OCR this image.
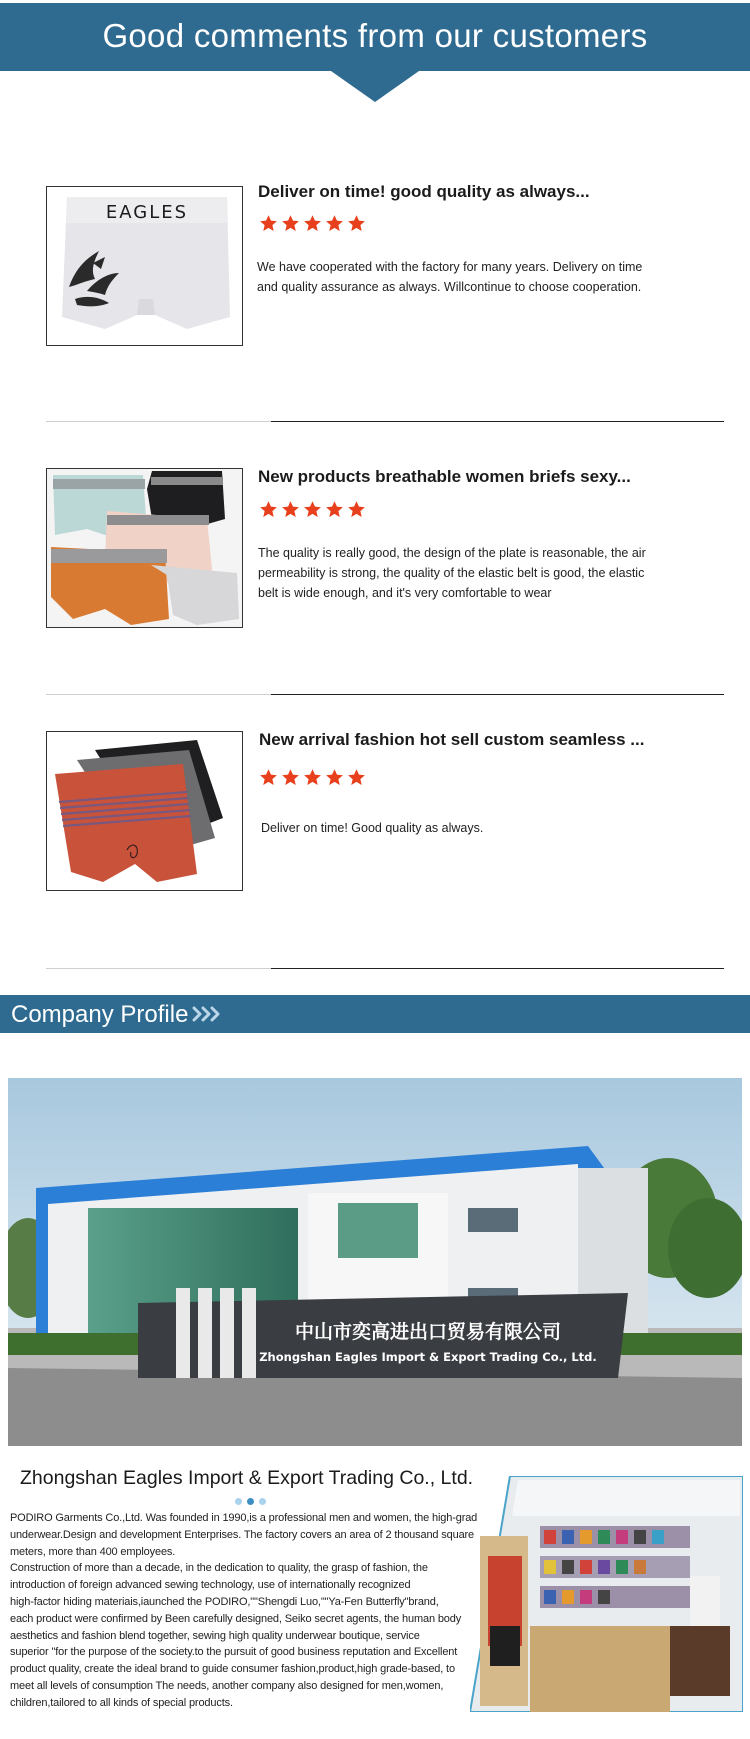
Good comments from our customers
EAGLES
Deliver on time! good quality as always...
We have cooperated with the factory for many years. Delivery on time
and quality assurance as always. Willcontinue to choose cooperation.
New products breathable women briefs sexy...
The quality is really good, the design of the plate is reasonable, the air
permeability is strong, the quality of the elastic belt is good, the elastic
belt is wide enough, and it's very comfortable to wear
New arrival fashion hot sell custom seamless ...
Deliver on time! Good quality as always.
Company Profile
中山市奕高进出口贸易有限公司
Zhongshan Eagles Import & Export Trading Co., Ltd.
Zhongshan Eagles Import & Export Trading Co., Ltd.
PODIRO Garments Co.,Ltd. Was founded in 1990,is a professional men and women, the high-grad
underwear.Design and development Enterprises. The factory covers an area of 2 thousand square
meters, more than 400 employees.
Construction of more than a decade, in the dedication to quality, the grasp of fashion, the
introduction of foreign advanced sewing technology, use of internationally recognized
high-factor hiding materiais,iaunched the PODIRO,""Shengdi Luo,""Ya-Fen Butterfly"brand,
each product were confirmed by Been carefully designed, Seiko secret agents, the human body
aesthetics and fashion blend together, sewing high quality underwear boutique, service
superior "for the purpose of the society.to the pursuit of good business reputation and Excellent
product quality, create the ideal brand to guide consumer fashion,product,high grade-based, to
meet all levels of consumption The needs, another company also designed for men,women,
children,tailored to all kinds of special products.
